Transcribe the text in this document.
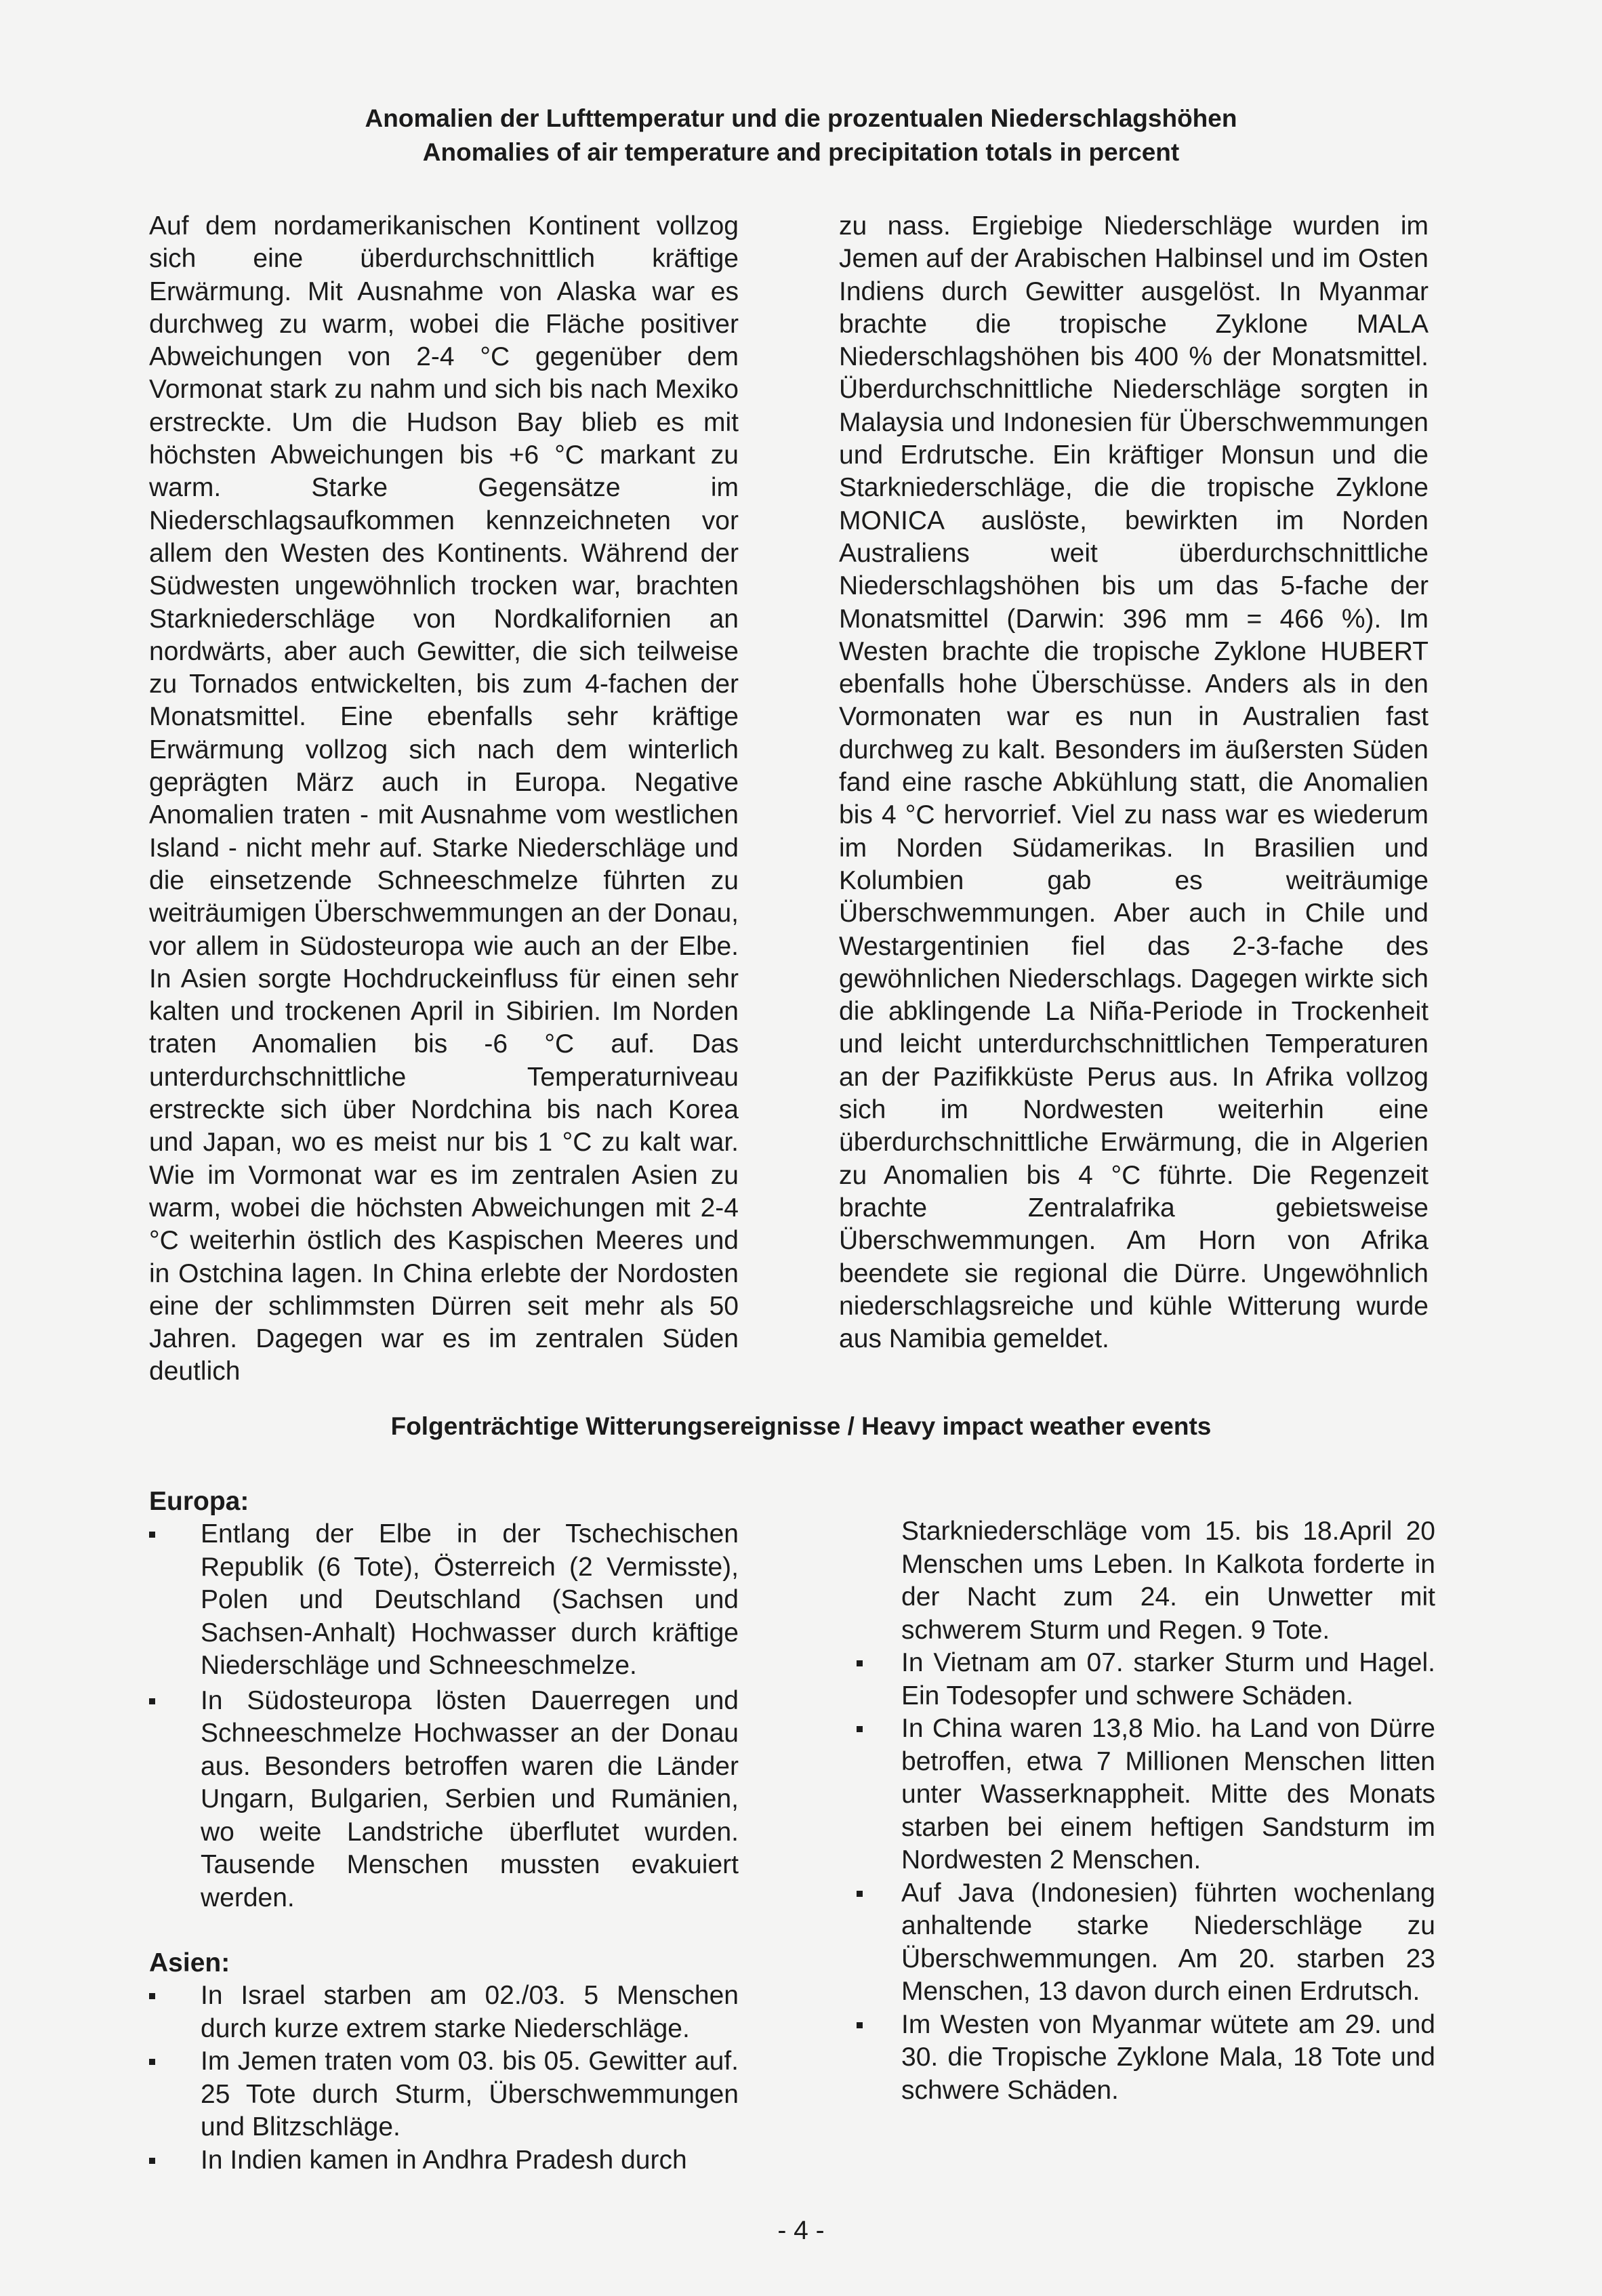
Anomalien der Lufttemperatur und die prozentualen Niederschlagshöhen
Anomalies of air temperature and precipitation totals in percent

Auf dem nordamerikanischen Kontinent vollzog sich eine überdurchschnittlich kräftige Erwärmung. Mit Ausnahme von Alaska war es durchweg zu warm, wobei die Fläche positiver Abweichungen von 2-4 °C gegenüber dem Vormonat stark zu nahm und sich bis nach Mexiko erstreckte. Um die Hudson Bay blieb es mit höchsten Abweichungen bis +6 °C markant zu warm. Starke Gegensätze im Niederschlagsaufkommen kennzeichneten vor allem den Westen des Kontinents. Während der Südwesten ungewöhnlich trocken war, brachten Starkniederschläge von Nordkalifornien an nordwärts, aber auch Gewitter, die sich teilweise zu Tornados entwickelten, bis zum 4-fachen der Monatsmittel. Eine ebenfalls sehr kräftige Erwärmung vollzog sich nach dem winterlich geprägten März auch in Europa. Negative Anomalien traten - mit Ausnahme vom westlichen Island - nicht mehr auf. Starke Niederschläge und die einsetzende Schneeschmelze führten zu weiträumigen Überschwemmungen an der Donau, vor allem in Südosteuropa wie auch an der Elbe. In Asien sorgte Hochdruckeinfluss für einen sehr kalten und trockenen April in Sibirien. Im Norden traten Anomalien bis -6 °C auf. Das unterdurchschnittliche Temperaturniveau erstreckte sich über Nordchina bis nach Korea und Japan, wo es meist nur bis 1 °C zu kalt war. Wie im Vormonat war es im zentralen Asien zu warm, wobei die höchsten Abweichungen mit 2-4 °C weiterhin östlich des Kaspischen Meeres und in Ostchina lagen. In China erlebte der Nordosten eine der schlimmsten Dürren seit mehr als 50 Jahren. Dagegen war es im zentralen Süden deutlich

zu nass. Ergiebige Niederschläge wurden im Jemen auf der Arabischen Halbinsel und im Osten Indiens durch Gewitter ausgelöst. In Myanmar brachte die tropische Zyklone MALA Niederschlagshöhen bis 400 % der Monatsmittel. Überdurchschnittliche Niederschläge sorgten in Malaysia und Indonesien für Überschwemmungen und Erdrutsche. Ein kräftiger Monsun und die Starkniederschläge, die die tropische Zyklone MONICA auslöste, bewirkten im Norden Australiens weit überdurchschnittliche Niederschlagshöhen bis um das 5-fache der Monatsmittel (Darwin: 396 mm = 466 %). Im Westen brachte die tropische Zyklone HUBERT ebenfalls hohe Überschüsse. Anders als in den Vormonaten war es nun in Australien fast durchweg zu kalt. Besonders im äußersten Süden fand eine rasche Abkühlung statt, die Anomalien bis 4 °C hervorrief. Viel zu nass war es wiederum im Norden Südamerikas. In Brasilien und Kolumbien gab es weiträumige Überschwemmungen. Aber auch in Chile und Westargentinien fiel das 2-3-fache des gewöhnlichen Niederschlags. Dagegen wirkte sich die abklingende La Niña-Periode in Trockenheit und leicht unterdurchschnittlichen Temperaturen an der Pazifikküste Perus aus. In Afrika vollzog sich im Nordwesten weiterhin eine überdurchschnittliche Erwärmung, die in Algerien zu Anomalien bis 4 °C führte. Die Regenzeit brachte Zentralafrika gebietsweise Überschwemmungen. Am Horn von Afrika beendete sie regional die Dürre. Ungewöhnlich niederschlagsreiche und kühle Witterung wurde aus Namibia gemeldet.

Folgenträchtige Witterungsereignisse / Heavy impact weather events

Europa:

Entlang der Elbe in der Tschechischen Republik (6 Tote), Österreich (2 Vermisste), Polen und Deutschland (Sachsen und Sachsen-Anhalt) Hochwasser durch kräftige Niederschläge und Schneeschmelze.
In Südosteuropa lösten Dauerregen und Schneeschmelze Hochwasser an der Donau aus. Besonders betroffen waren die Länder Ungarn, Bulgarien, Serbien und Rumänien, wo weite Landstriche überflutet wurden. Tausende Menschen mussten evakuiert werden.

Asien:

In Israel starben am 02./03. 5 Menschen durch kurze extrem starke Niederschläge.
Im Jemen traten vom 03. bis 05. Gewitter auf. 25 Tote durch Sturm, Überschwemmungen und Blitzschläge.
In Indien kamen in Andhra Pradesh durch

Starkniederschläge vom 15. bis 18.April 20 Menschen ums Leben. In Kalkota forderte in der Nacht zum 24. ein Unwetter mit schwerem Sturm und Regen. 9 Tote.

In Vietnam am 07. starker Sturm und Hagel. Ein Todesopfer und schwere Schäden.
In China waren 13,8 Mio. ha Land von Dürre betroffen, etwa 7 Millionen Menschen litten unter Wasserknappheit. Mitte des Monats starben bei einem heftigen Sandsturm im Nordwesten 2 Menschen.
Auf Java (Indonesien) führten wochenlang anhaltende starke Niederschläge zu Überschwemmungen. Am 20. starben 23 Menschen, 13 davon durch einen Erdrutsch.
Im Westen von Myanmar wütete am 29. und 30. die Tropische Zyklone Mala, 18 Tote und schwere Schäden.
- 4 -
